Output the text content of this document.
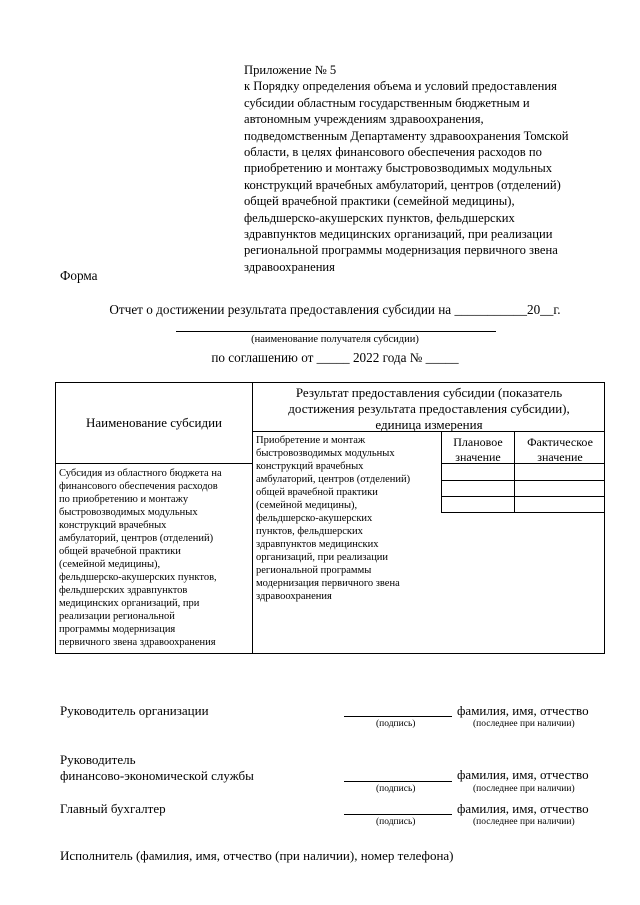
Приложение № 5
к Порядку определения объема и условий предоставления
субсидии областным государственным бюджетным и
автономным учреждениям здравоохранения,
подведомственным Департаменту здравоохранения Томской
области, в целях финансового обеспечения расходов по
приобретению и монтажу быстровозводимых модульных
конструкций врачебных амбулаторий, центров (отделений)
общей врачебной практики (семейной медицины),
фельдшерско-акушерских пунктов, фельдшерских
здравпунктов медицинских организаций, при реализации
региональной программы модернизация первичного звена
здравоохранения
Форма
Отчет о достижении результата предоставления субсидии на ___________20__г.
(наименование получателя субсидии)
по соглашению от _____ 2022 года № _____
Наименование субсидии
Результат предоставления субсидии (показатель
достижения результата предоставления субсидии),
единица измерения
Плановое
значение
Фактическое
значение
Приобретение и монтаж
быстровозводимых модульных
конструкций врачебных
амбулаторий, центров (отделений)
общей врачебной практики
(семейной медицины),
фельдшерско-акушерских
пунктов, фельдшерских
здравпунктов медицинских
организаций, при реализации
региональной программы
модернизация первичного звена
здравоохранения
Субсидия из областного бюджета на
финансового обеспечения расходов
по приобретению и монтажу
быстровозводимых модульных
конструкций врачебных
амбулаторий, центров (отделений)
общей врачебной практики
(семейной медицины),
фельдшерско-акушерских пунктов,
фельдшерских здравпунктов
медицинских организаций, при
реализации региональной
программы модернизация
первичного звена здравоохранения
Руководитель организации
(подпись)
фамилия, имя, отчество
(последнее при наличии)
Руководитель
финансово-экономической службы
(подпись)
фамилия, имя, отчество
(последнее при наличии)
Главный бухгалтер
(подпись)
фамилия, имя, отчество
(последнее при наличии)
Исполнитель (фамилия, имя, отчество (при наличии), номер телефона)
